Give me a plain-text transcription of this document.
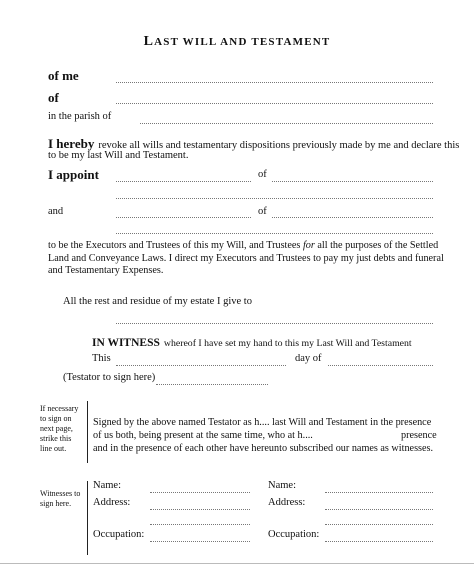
LAST WILL AND TESTAMENT
of me
of
in the parish of
I hereby revoke all wills and testamentary dispositions previously made by me and declare this
to be my last Will and Testament.
I appoint	of
and	of
to be the Executors and Trustees of this my Will, and Trustees for all the purposes of the Settled
Land and Conveyance Laws. I direct my Executors and Trustees to pay my just debts and funeral
and Testamentary Expenses.
All the rest and residue of my estate I give to
IN WITNESS whereof I have set my hand to this my Last Will and Testament
This	day of
(Testator to sign here)
If necessary to sign on next page, strike this line out.
Signed by the above named Testator as h.... last Will and Testament in the presence
of us both, being present at the same time, who at h....	presence
and in the presence of each other have hereunto subscribed our names as witnesses.
Witnesses to sign here.
Name:
Address:
Occupation:
Name:
Address:
Occupation:
